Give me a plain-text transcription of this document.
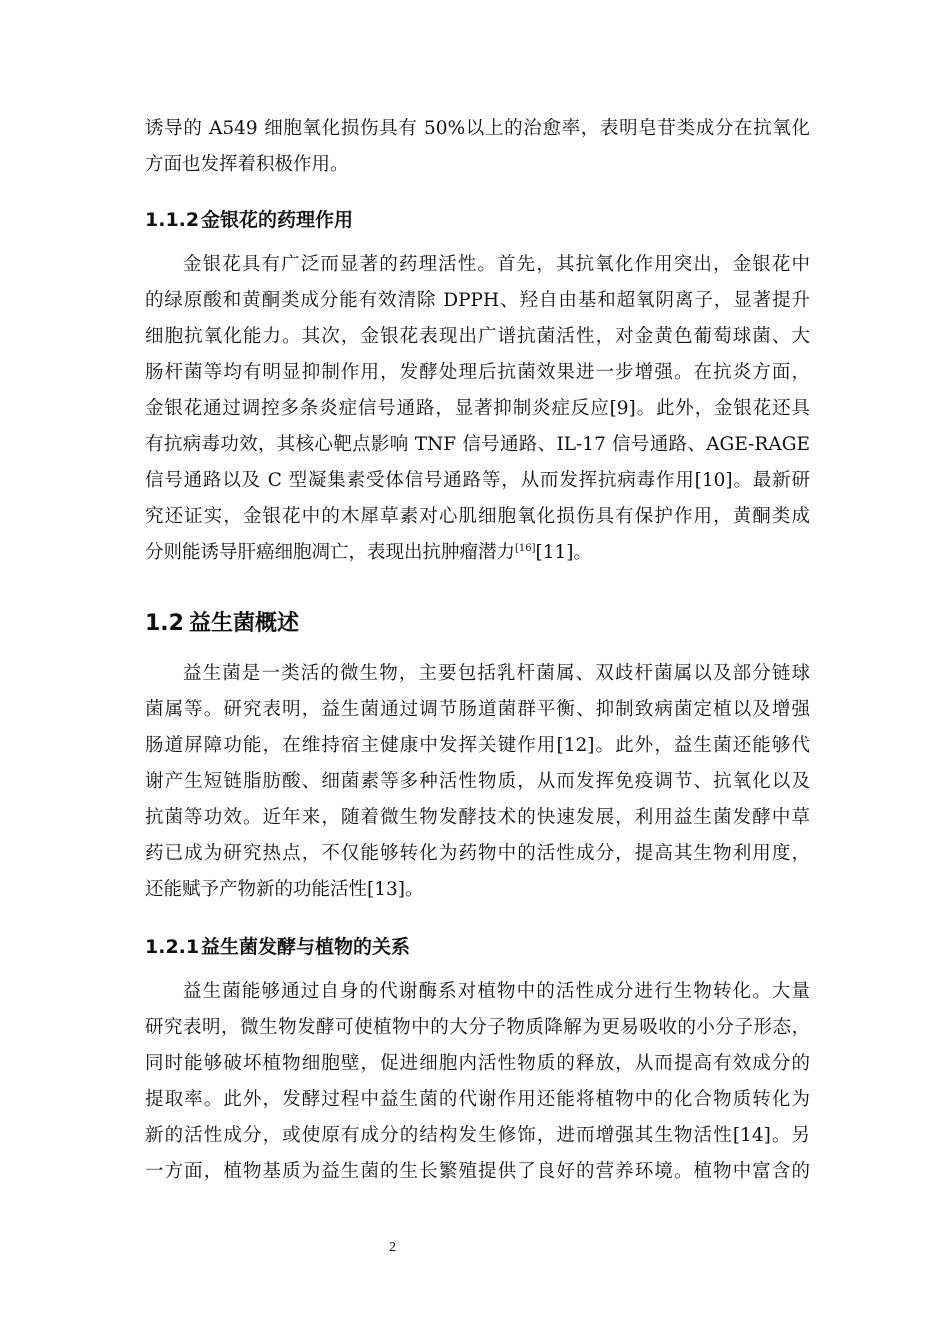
诱导的 A549 细胞氧化损伤具有 50%以上的治愈率，表明皂苷类成分在抗氧化
方面也发挥着积极作用。
1.1.2金银花的药理作用
金银花具有广泛而显著的药理活性。首先，其抗氧化作用突出，金银花中
的绿原酸和黄酮类成分能有效清除 DPPH、羟自由基和超氧阴离子，显著提升
细胞抗氧化能力。其次，金银花表现出广谱抗菌活性，对金黄色葡萄球菌、大
肠杆菌等均有明显抑制作用，发酵处理后抗菌效果进一步增强。在抗炎方面，
金银花通过调控多条炎症信号通路，显著抑制炎症反应[9]。此外，金银花还具
有抗病毒功效，其核心靶点影响 TNF 信号通路、IL-17 信号通路、AGE-RAGE
信号通路以及 C 型凝集素受体信号通路等，从而发挥抗病毒作用[10]。最新研
究还证实，金银花中的木犀草素对心肌细胞氧化损伤具有保护作用，黄酮类成
分则能诱导肝癌细胞凋亡，表现出抗肿瘤潜力[16][11]。
1.2 益生菌概述
益生菌是一类活的微生物，主要包括乳杆菌属、双歧杆菌属以及部分链球
菌属等。研究表明，益生菌通过调节肠道菌群平衡、抑制致病菌定植以及增强
肠道屏障功能，在维持宿主健康中发挥关键作用[12]。此外，益生菌还能够代
谢产生短链脂肪酸、细菌素等多种活性物质，从而发挥免疫调节、抗氧化以及
抗菌等功效。近年来，随着微生物发酵技术的快速发展，利用益生菌发酵中草
药已成为研究热点，不仅能够转化为药物中的活性成分，提高其生物利用度，
还能赋予产物新的功能活性[13]。
1.2.1益生菌发酵与植物的关系
益生菌能够通过自身的代谢酶系对植物中的活性成分进行生物转化。大量
研究表明，微生物发酵可使植物中的大分子物质降解为更易吸收的小分子形态，
同时能够破坏植物细胞壁，促进细胞内活性物质的释放，从而提高有效成分的
提取率。此外，发酵过程中益生菌的代谢作用还能将植物中的化合物质转化为
新的活性成分，或使原有成分的结构发生修饰，进而增强其生物活性[14]。另
一方面，植物基质为益生菌的生长繁殖提供了良好的营养环境。植物中富含的
2
